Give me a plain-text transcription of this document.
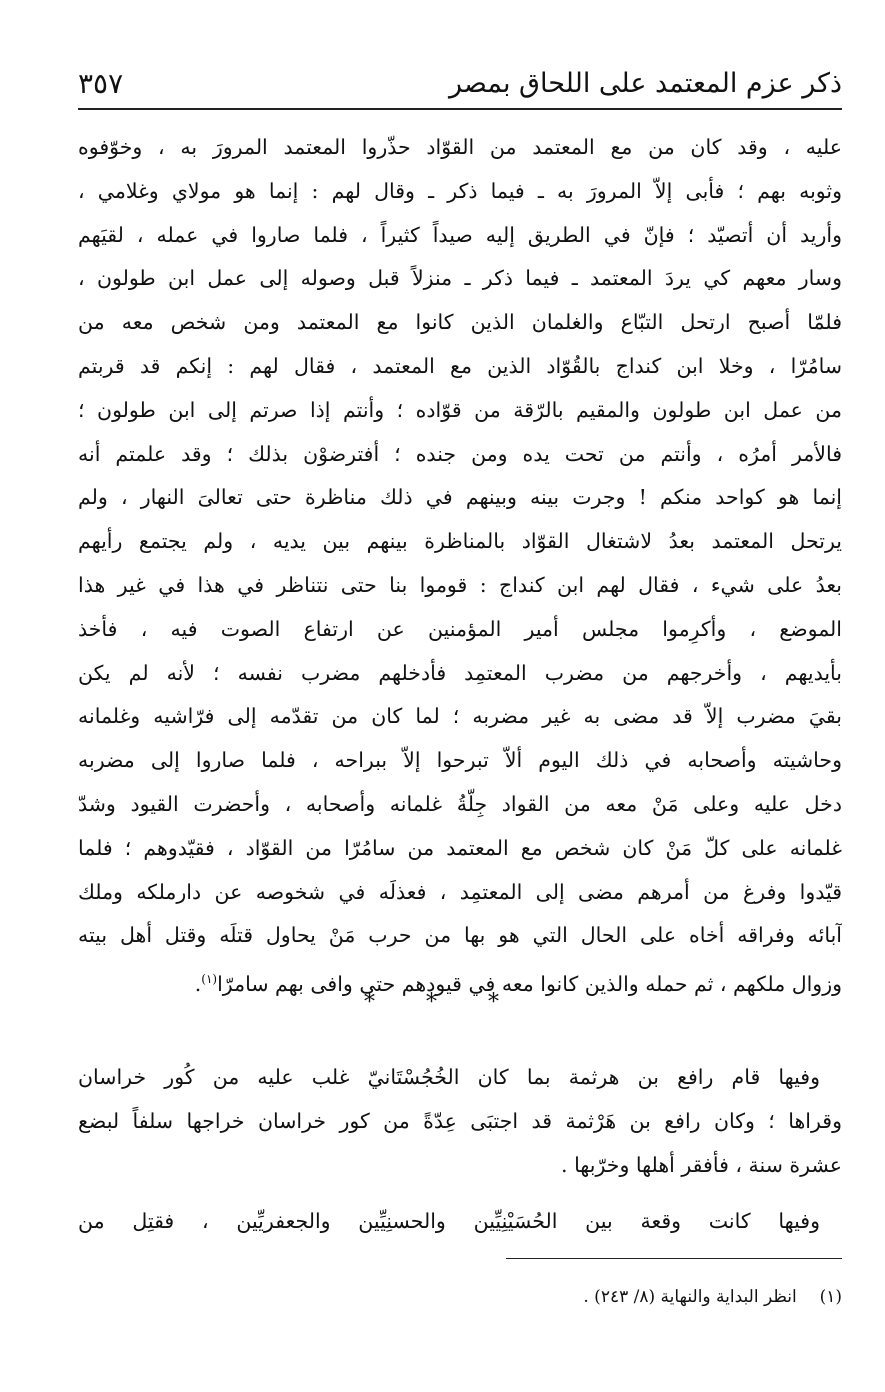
ذكر عزم المعتمد على اللحاق بمصر
٣٥٧
عليه ، وقد كان من مع المعتمد من القوّاد حذّروا المعتمد المرورَ به ، وخوّفوه
وثوبه بهم ؛ فأبى إلاّ المرورَ به ـ فيما ذكر ـ وقال لهم : إنما هو مولاي وغلامي ،
وأريد أن أتصيّد ؛ فإنّ في الطريق إليه صيداً كثيراً ، فلما صاروا في عمله ، لقيَهم
وسار معهم كي يردَ المعتمد ـ فيما ذكر ـ منزلاً قبل وصوله إلى عمل ابن طولون ،
فلمّا أصبح ارتحل التبّاع والغلمان الذين كانوا مع المعتمد ومن شخص معه من
سامُرّا ، وخلا ابن كنداج بالقُوّاد الذين مع المعتمد ، فقال لهم : إنكم قد قربتم
من عمل ابن طولون والمقيم بالرّقة من قوّاده ؛ وأنتم إذا صرتم إلى ابن طولون ؛
فالأمر أمرُه ، وأنتم من تحت يده ومن جنده ؛ أفترضوْن بذلك ؛ وقد علمتم أنه
إنما هو كواحد منكم ! وجرت بينه وبينهم في ذلك مناظرة حتى تعالىَ النهار ، ولم
يرتحل المعتمد بعدُ لاشتغال القوّاد بالمناظرة بينهم بين يديه ، ولم يجتمع رأيهم
بعدُ على شيء ، فقال لهم ابن كنداج : قوموا بنا حتى نتناظر في هذا في غير هذا
الموضع ، وأكرِموا مجلس أمير المؤمنين عن ارتفاع الصوت فيه ، فأخذ
بأيديهم ، وأخرجهم من مضرب المعتمِد فأدخلهم مضرب نفسه ؛ لأنه لم يكن
بقيَ مضرب إلاّ قد مضى به غير مضربه ؛ لما كان من تقدّمه إلى فرّاشيه وغلمانه
وحاشيته وأصحابه في ذلك اليوم ألاّ تبرحوا إلاّ ببراحه ، فلما صاروا إلى مضربه
دخل عليه وعلى مَنْ معه من القواد جِلّةُ غلمانه وأصحابه ، وأحضرت القيود وشدّ
غلمانه على كلّ مَنْ كان شخص مع المعتمد من سامُرّا من القوّاد ، فقيّدوهم ؛ فلما
قيّدوا وفرغ من أمرهم مضى إلى المعتمِد ، فعذلَه في شخوصه عن دارملكه وملك
آبائه وفراقه أخاه على الحال التي هو بها من حرب مَنْ يحاول قتلَه وقتل أهل بيته
وزوال ملكهم ، ثم حمله والذين كانوا معه في قيودهم حتى وافى بهم سامرّا$^{(١)}$.
* * *
وفيها قام رافع بن هرثمة بما كان الخُجُسْتَانيّ غلب عليه من كُور خراسان
وقراها ؛ وكان رافع بن هَرْثمة قد اجتبَى عِدّةً من كور خراسان خراجها سلفاً لبضع
عشرة سنة ، فأفقر أهلها وخرّبها .
وفيها كانت وقعة بين الحُسَيْنِيِّين والحسنِيِّين والجعفريِّين ، فقتِل من
(١)  انظر البداية والنهاية (٨/ ٢٤٣) .
